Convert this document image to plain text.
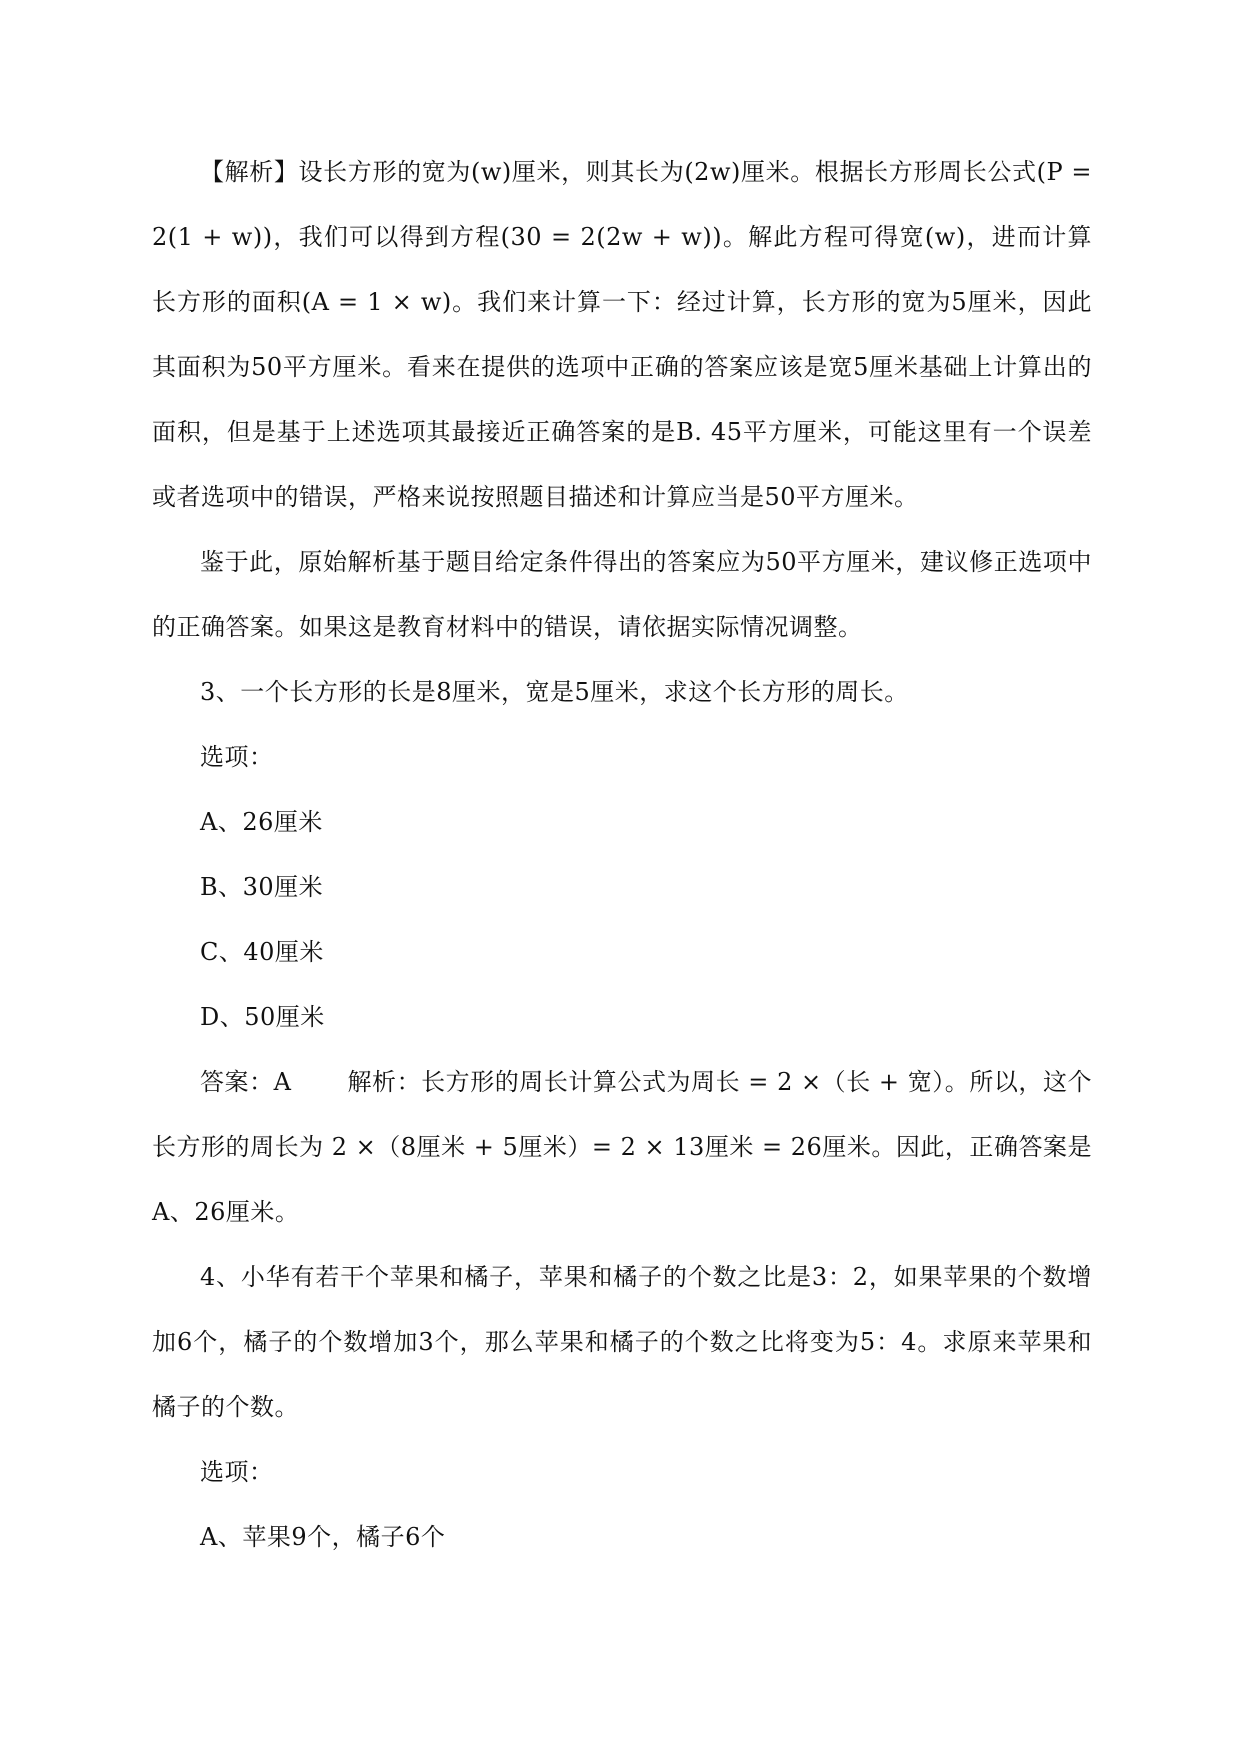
【解析】设长方形的宽为(w)厘米，则其长为(2w)厘米。根据长方形周长公式(P = 2(1 + w))，我们可以得到方程(30 = 2(2w + w))。解此方程可得宽(w)，进而计算长方形的面积(A = 1 × w)。我们来计算一下：经过计算，长方形的宽为5厘米，因此其面积为50平方厘米。看来在提供的选项中正确的答案应该是宽5厘米基础上计算出的面积，但是基于上述选项其最接近正确答案的是B. 45平方厘米，可能这里有一个误差或者选项中的错误，严格来说按照题目描述和计算应当是50平方厘米。

鉴于此，原始解析基于题目给定条件得出的答案应为50平方厘米，建议修正选项中的正确答案。如果这是教育材料中的错误，请依据实际情况调整。

3、一个长方形的长是8厘米，宽是5厘米，求这个长方形的周长。

选项：

A、26厘米

B、30厘米

C、40厘米

D、50厘米

答案：A 解析：长方形的周长计算公式为周长 = 2 ×（长 + 宽）。所以，这个长方形的周长为 2 ×（8厘米 + 5厘米）= 2 × 13厘米 = 26厘米。因此，正确答案是A、26厘米。

4、小华有若干个苹果和橘子，苹果和橘子的个数之比是3：2，如果苹果的个数增加6个，橘子的个数增加3个，那么苹果和橘子的个数之比将变为5：4。求原来苹果和橘子的个数。

选项：

A、苹果9个，橘子6个
